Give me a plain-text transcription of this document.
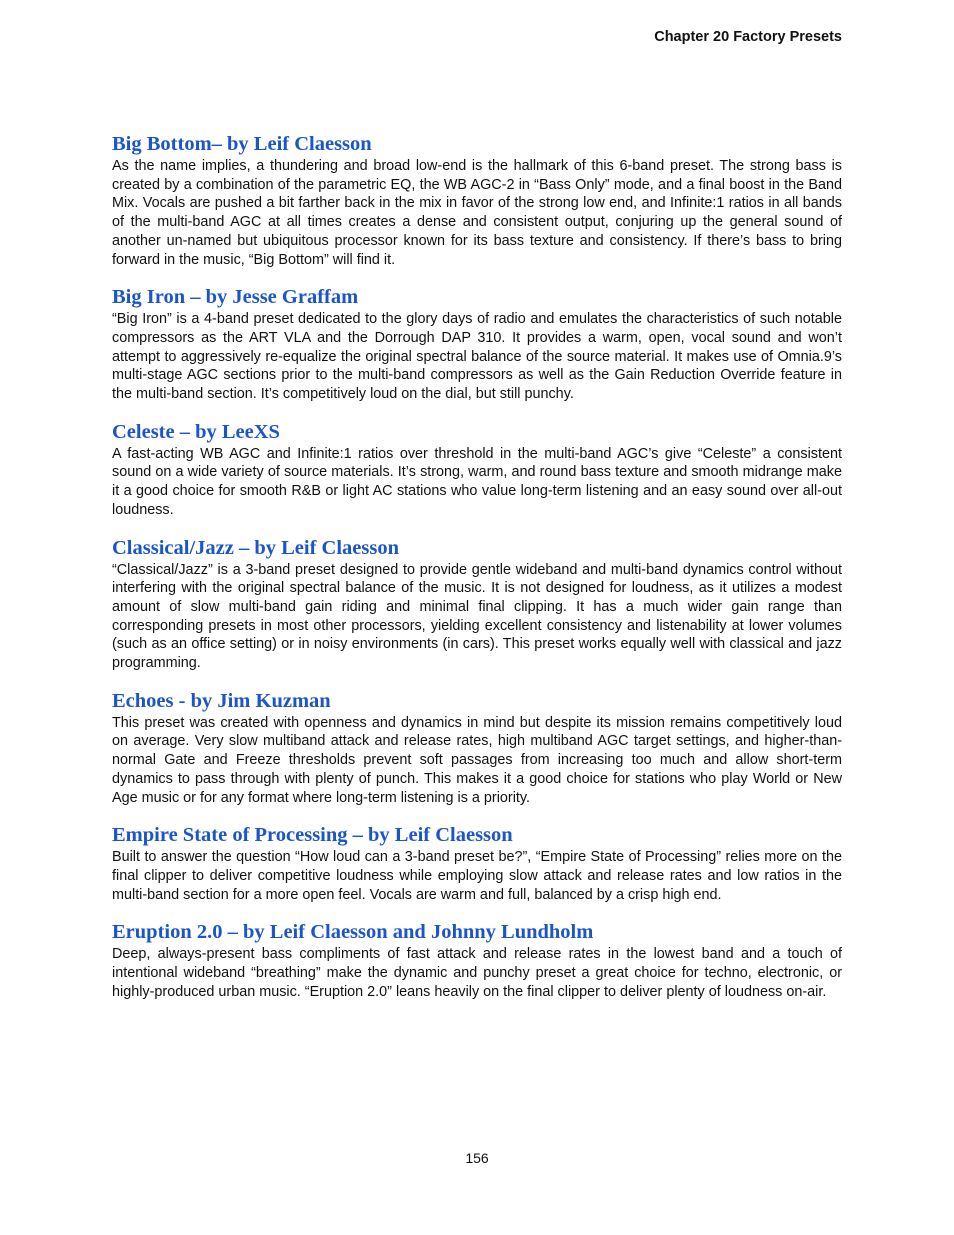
Chapter 20 Factory Presets
Big Bottom– by Leif Claesson

As the name implies, a thundering and broad low-end is the hallmark of this 6-band preset. The strong bass is created by a combination of the parametric EQ, the WB AGC-2 in “Bass Only” mode, and a final boost in the Band Mix. Vocals are pushed a bit farther back in the mix in favor of the strong low end, and Infinite:1 ratios in all bands of the multi-band AGC at all times creates a dense and consistent output, conjuring up the general sound of another un-named but ubiquitous processor known for its bass texture and consistency. If there’s bass to bring forward in the music, “Big Bottom” will find it.

Big Iron – by Jesse Graffam

“Big Iron” is a 4-band preset dedicated to the glory days of radio and emulates the characteristics of such notable compressors as the ART VLA and the Dorrough DAP 310. It provides a warm, open, vocal sound and won’t attempt to aggressively re-equalize the original spectral balance of the source material. It makes use of Omnia.9’s multi-stage AGC sections prior to the multi-band compressors as well as the Gain Reduction Override feature in the multi-band section. It’s competitively loud on the dial, but still punchy.

Celeste – by LeeXS

A fast-acting WB AGC and Infinite:1 ratios over threshold in the multi-band AGC’s give “Celeste” a consistent sound on a wide variety of source materials. It’s strong, warm, and round bass texture and smooth midrange make it a good choice for smooth R&B or light AC stations who value long-term listening and an easy sound over all-out loudness.

Classical/Jazz – by Leif Claesson

“Classical/Jazz” is a 3-band preset designed to provide gentle wideband and multi-band dynamics control without interfering with the original spectral balance of the music. It is not designed for loudness, as it utilizes a modest amount of slow multi-band gain riding and minimal final clipping. It has a much wider gain range than corresponding presets in most other processors, yielding excellent consistency and listenability at lower volumes (such as an office setting) or in noisy environments (in cars). This preset works equally well with classical and jazz programming.

Echoes - by Jim Kuzman

This preset was created with openness and dynamics in mind but despite its mission remains competitively loud on average. Very slow multiband attack and release rates, high multiband AGC target settings, and higher-than-normal Gate and Freeze thresholds prevent soft passages from increasing too much and allow short-term dynamics to pass through with plenty of punch. This makes it a good choice for stations who play World or New Age music or for any format where long-term listening is a priority.

Empire State of Processing – by Leif Claesson

Built to answer the question “How loud can a 3-band preset be?”, “Empire State of Processing” relies more on the final clipper to deliver competitive loudness while employing slow attack and release rates and low ratios in the multi-band section for a more open feel. Vocals are warm and full, balanced by a crisp high end.

Eruption 2.0 – by Leif Claesson and Johnny Lundholm

Deep, always-present bass compliments of fast attack and release rates in the lowest band and a touch of intentional wideband “breathing” make the dynamic and punchy preset a great choice for techno, electronic, or highly-produced urban music. “Eruption 2.0” leans heavily on the final clipper to deliver plenty of loudness on-air.

156
